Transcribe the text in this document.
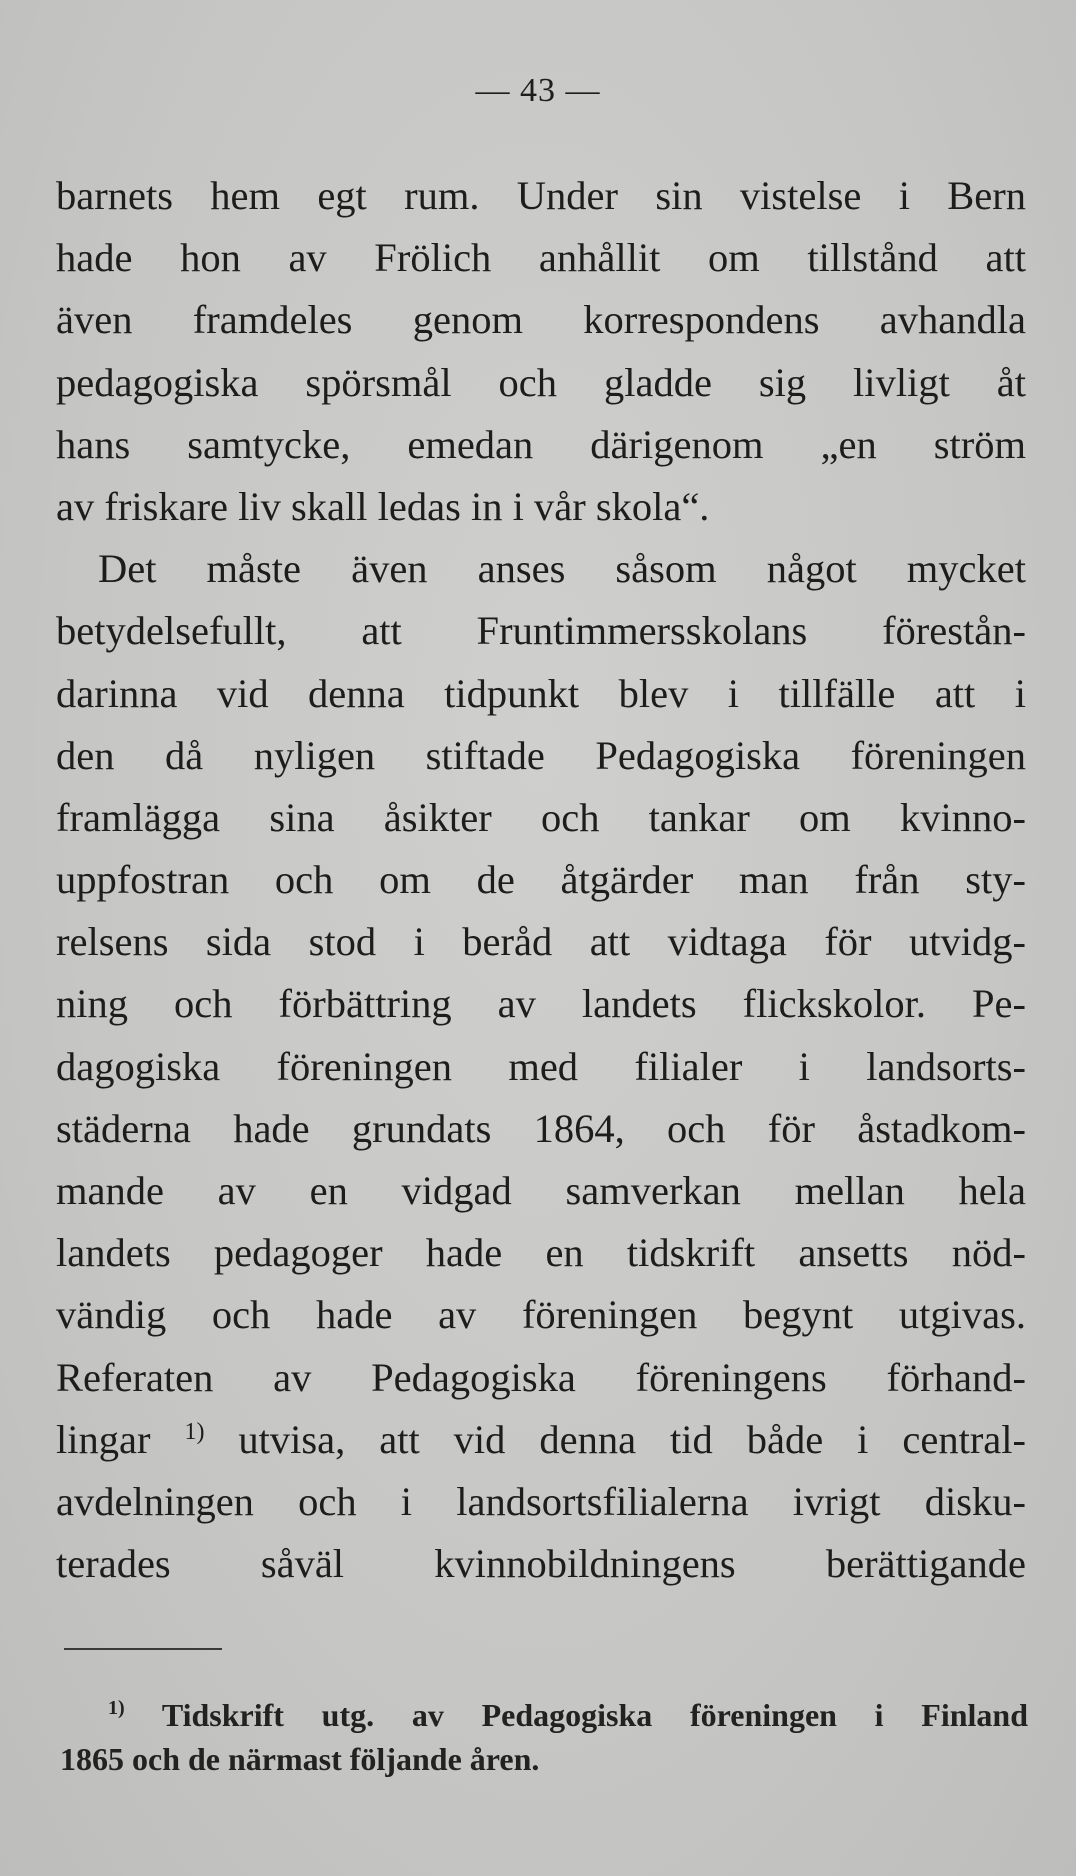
— 43 —
barnets hem egt rum. Under sin vistelse i Bern
hade hon av Frölich anhållit om tillstånd att
även framdeles genom korrespondens avhandla
pedagogiska spörsmål och gladde sig livligt åt
hans samtycke, emedan därigenom „en ström
av friskare liv skall ledas in i vår skola“.
Det måste även anses såsom något mycket
betydelsefullt, att Fruntimmersskolans förestån-
darinna vid denna tidpunkt blev i tillfälle att i
den då nyligen stiftade Pedagogiska föreningen
framlägga sina åsikter och tankar om kvinno-
uppfostran och om de åtgärder man från sty-
relsens sida stod i beråd att vidtaga för utvidg-
ning och förbättring av landets flickskolor. Pe-
dagogiska föreningen med filialer i landsorts-
städerna hade grundats 1864, och för åstadkom-
mande av en vidgad samverkan mellan hela
landets pedagoger hade en tidskrift ansetts nöd-
vändig och hade av föreningen begynt utgivas.
Referaten av Pedagogiska föreningens förhand-
lingar $^{1)}$ utvisa, att vid denna tid både i central-
avdelningen och i landsortsfilialerna ivrigt disku-
terades såväl kvinnobildningens berättigande
$^{1)}$ Tidskrift utg. av Pedagogiska föreningen i Finland
1865 och de närmast följande åren.
